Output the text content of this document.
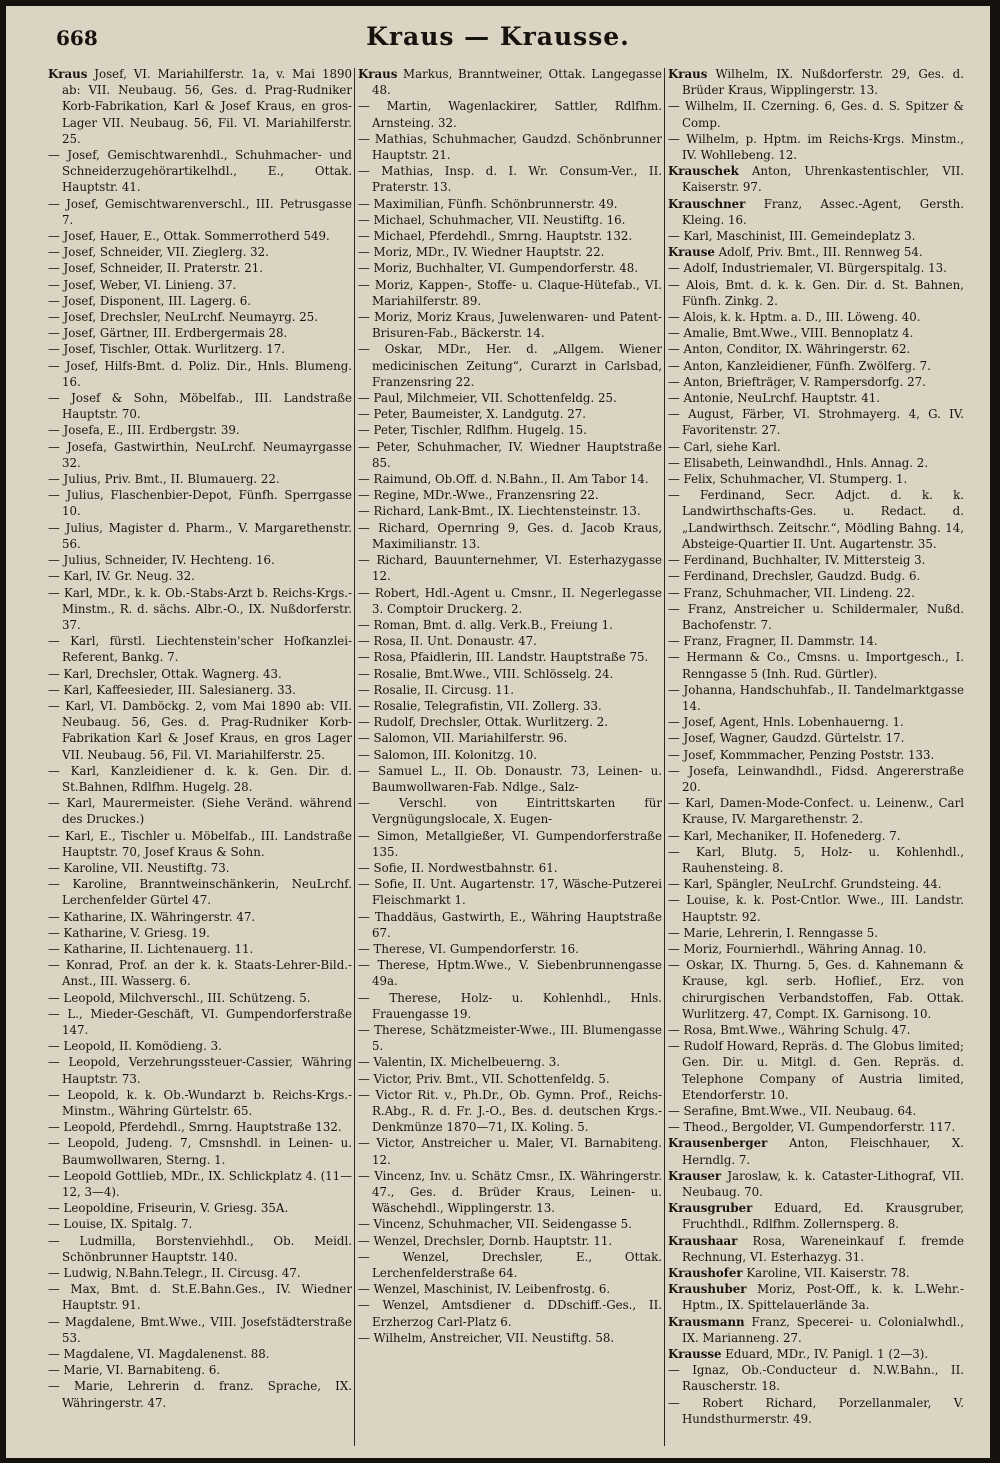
668	Kraus — Krausse.
Kraus Josef, VI. Mariahilferstr. 1a, v. Mai 1890 ab: VII. Neubaug. 56, Ges. d. Prag-Rudniker Korb-Fabrikation, Karl & Josef Kraus, en gros-Lager VII. Neubaug. 56, Fil. VI. Mariahilferstr. 25.
— Josef, Gemischtwarenhdl., Schuhmacher- und Schneiderzugehörartikelhdl., E., Ottak. Hauptstr. 41.
— Josef, Gemischtwarenverschl., III. Petrusgasse 7.
— Josef, Hauer, E., Ottak. Sommerrotherd 549.
— Josef, Schneider, VII. Zieglerg. 32.
— Josef, Schneider, II. Praterstr. 21.
— Josef, Weber, VI. Linieng. 37.
— Josef, Disponent, III. Lagerg. 6.
— Josef, Drechsler, NeuLrchf. Neumayrg. 25.
— Josef, Gärtner, III. Erdbergermais 28.
— Josef, Tischler, Ottak. Wurlitzerg. 17.
— Josef, Hilfs-Bmt. d. Poliz. Dir., Hnls. Blumeng. 16.
— Josef & Sohn, Möbelfab., III. Landstraße Hauptstr. 70.
— Josefa, E., III. Erdbergstr. 39.
— Josefa, Gastwirthin, NeuLrchf. Neumayrgasse 32.
— Julius, Priv. Bmt., II. Blumauerg. 22.
— Julius, Flaschenbier-Depot, Fünfh. Sperrgasse 10.
— Julius, Magister d. Pharm., V. Margarethenstr. 56.
— Julius, Schneider, IV. Hechteng. 16.
— Karl, IV. Gr. Neug. 32.
— Karl, MDr., k. k. Ob.-Stabs-Arzt b. Reichs-Krgs.-Minstm., R. d. sächs. Albr.-O., IX. Nußdorferstr. 37.
— Karl, fürstl. Liechtenstein'scher Hofkanzlei-Referent, Bankg. 7.
— Karl, Drechsler, Ottak. Wagnerg. 43.
— Karl, Kaffeesieder, III. Salesianerg. 33.
— Karl, VI. Damböckg. 2, vom Mai 1890 ab: VII. Neubaug. 56, Ges. d. Prag-Rudniker Korb-Fabrikation Karl & Josef Kraus, en gros Lager VII. Neubaug. 56, Fil. VI. Mariahilferstr. 25.
— Karl, Kanzleidiener d. k. k. Gen. Dir. d. St.Bahnen, Rdlfhm. Hugelg. 28.
— Karl, Maurermeister. (Siehe Veränd. während des Druckes.)
— Karl, E., Tischler u. Möbelfab., III. Landstraße Hauptstr. 70, Josef Kraus & Sohn.
— Karoline, VII. Neustiftg. 73.
— Karoline, Branntweinschänkerin, NeuLrchf. Lerchenfelder Gürtel 47.
— Katharine, IX. Währingerstr. 47.
— Katharine, V. Griesg. 19.
— Katharine, II. Lichtenauerg. 11.
— Konrad, Prof. an der k. k. Staats-Lehrer-Bild.-Anst., III. Wasserg. 6.
— Leopold, Milchverschl., III. Schützeng. 5.
— L., Mieder-Geschäft, VI. Gumpendorferstraße 147.
— Leopold, II. Komödieng. 3.
— Leopold, Verzehrungssteuer-Cassier, Währing Hauptstr. 73.
— Leopold, k. k. Ob.-Wundarzt b. Reichs-Krgs.-Minstm., Währing Gürtelstr. 65.
— Leopold, Pferdehdl., Smrng. Hauptstraße 132.
— Leopold, Judeng. 7, Cmsnshdl. in Leinen- u. Baumwollwaren, Sterng. 1.
— Leopold Gottlieb, MDr., IX. Schlickplatz 4. (11—12, 3—4).
— Leopoldine, Friseurin, V. Griesg. 35A.
— Louise, IX. Spitalg. 7.
— Ludmilla, Borstenviehhdl., Ob. Meidl. Schönbrunner Hauptstr. 140.
— Ludwig, N.Bahn.Telegr., II. Circusg. 47.
— Max, Bmt. d. St.E.Bahn.Ges., IV. Wiedner Hauptstr. 91.
— Magdalene, Bmt.Wwe., VIII. Josefstädterstraße 53.
— Magdalene, VI. Magdalenenst. 88.
— Marie, VI. Barnabiteng. 6.
— Marie, Lehrerin d. franz. Sprache, IX. Währingerstr. 47.
Kraus Markus, Branntweiner, Ottak. Langegasse 48.
— Martin, Wagenlackirer, Sattler, Rdlfhm. Arnsteing. 32.
— Mathias, Schuhmacher, Gaudzd. Schönbrunner Hauptstr. 21.
— Mathias, Insp. d. I. Wr. Consum-Ver., II. Praterstr. 13.
— Maximilian, Fünfh. Schönbrunnerstr. 49.
— Michael, Schuhmacher, VII. Neustiftg. 16.
— Michael, Pferdehdl., Smrng. Hauptstr. 132.
— Moriz, MDr., IV. Wiedner Hauptstr. 22.
— Moriz, Buchhalter, VI. Gumpendorferstr. 48.
— Moriz, Kappen-, Stoffe- u. Claque-Hütefab., VI. Mariahilferstr. 89.
— Moriz, Moriz Kraus, Juwelenwaren- und Patent-Brisuren-Fab., Bäckerstr. 14.
— Oskar, MDr., Her. d. „Allgem. Wiener medicinischen Zeitung“, Curarzt in Carlsbad, Franzensring 22.
— Paul, Milchmeier, VII. Schottenfeldg. 25.
— Peter, Baumeister, X. Landgutg. 27.
— Peter, Tischler, Rdlfhm. Hugelg. 15.
— Peter, Schuhmacher, IV. Wiedner Hauptstraße 85.
— Raimund, Ob.Off. d. N.Bahn., II. Am Tabor 14.
— Regine, MDr.-Wwe., Franzensring 22.
— Richard, Lank-Bmt., IX. Liechtensteinstr. 13.
— Richard, Opernring 9, Ges. d. Jacob Kraus, Maximilianstr. 13.
— Richard, Bauunternehmer, VI. Esterhazygasse 12.
— Robert, Hdl.-Agent u. Cmsnr., II. Negerlegasse 3. Comptoir Druckerg. 2.
— Roman, Bmt. d. allg. Verk.B., Freiung 1.
— Rosa, II. Unt. Donaustr. 47.
— Rosa, Pfaidlerin, III. Landstr. Hauptstraße 75.
— Rosalie, Bmt.Wwe., VIII. Schlösselg. 24.
— Rosalie, II. Circusg. 11.
— Rosalie, Telegrafistin, VII. Zollerg. 33.
— Rudolf, Drechsler, Ottak. Wurlitzerg. 2.
— Salomon, VII. Mariahilferstr. 96.
— Salomon, III. Kolonitzg. 10.
— Samuel L., II. Ob. Donaustr. 73, Leinen- u. Baumwollwaren-Fab. Ndlge., Salz-
— Verschl. von Eintrittskarten für Vergnügungslocale, X. Eugen-
— Simon, Metallgießer, VI. Gumpendorferstraße 135.
— Sofie, II. Nordwestbahnstr. 61.
— Sofie, II. Unt. Augartenstr. 17, Wäsche-Putzerei Fleischmarkt 1.
— Thaddäus, Gastwirth, E., Währing Hauptstraße 67.
— Therese, VI. Gumpendorferstr. 16.
— Therese, Hptm.Wwe., V. Siebenbrunnengasse 49a.
— Therese, Holz- u. Kohlenhdl., Hnls. Frauengasse 19.
— Therese, Schätzmeister-Wwe., III. Blumengasse 5.
— Valentin, IX. Michelbeuerng. 3.
— Victor, Priv. Bmt., VII. Schottenfeldg. 5.
— Victor Rit. v., Ph.Dr., Ob. Gymn. Prof., Reichs-R.Abg., R. d. Fr. J.-O., Bes. d. deutschen Krgs.-Denkmünze 1870—71, IX. Koling. 5.
— Victor, Anstreicher u. Maler, VI. Barnabiteng. 12.
— Vincenz, Inv. u. Schätz Cmsr., IX. Währingerstr. 47., Ges. d. Brüder Kraus, Leinen- u. Wäschehdl., Wipplingerstr. 13.
— Vincenz, Schuhmacher, VII. Seidengasse 5.
— Wenzel, Drechsler, Dornb. Hauptstr. 11.
— Wenzel, Drechsler, E., Ottak. Lerchenfelderstraße 64.
— Wenzel, Maschinist, IV. Leibenfrostg. 6.
— Wenzel, Amtsdiener d. DDschiff.-Ges., II. Erzherzog Carl-Platz 6.
— Wilhelm, Anstreicher, VII. Neustiftg. 58.
Kraus Wilhelm, IX. Nußdorferstr. 29, Ges. d. Brüder Kraus, Wipplingerstr. 13.
— Wilhelm, II. Czerning. 6, Ges. d. S. Spitzer & Comp.
— Wilhelm, p. Hptm. im Reichs-Krgs. Minstm., IV. Wohllebeng. 12.
Krauschek Anton, Uhrenkastentischler, VII. Kaiserstr. 97.
Krauschner Franz, Assec.-Agent, Gersth. Kleing. 16.
— Karl, Maschinist, III. Gemeindeplatz 3.
Krause Adolf, Priv. Bmt., III. Rennweg 54.
— Adolf, Industriemaler, VI. Bürgerspitalg. 13.
— Alois, Bmt. d. k. k. Gen. Dir. d. St. Bahnen, Fünfh. Zinkg. 2.
— Alois, k. k. Hptm. a. D., III. Löweng. 40.
— Amalie, Bmt.Wwe., VIII. Bennoplatz 4.
— Anton, Conditor, IX. Währingerstr. 62.
— Anton, Kanzleidiener, Fünfh. Zwölferg. 7.
— Anton, Briefträger, V. Rampersdorfg. 27.
— Antonie, NeuLrchf. Hauptstr. 41.
— August, Färber, VI. Strohmayerg. 4, G. IV. Favoritenstr. 27.
— Carl, siehe Karl.
— Elisabeth, Leinwandhdl., Hnls. Annag. 2.
— Felix, Schuhmacher, VI. Stumperg. 1.
— Ferdinand, Secr. Adjct. d. k. k. Landwirthschafts-Ges. u. Redact. d. „Landwirthsch. Zeitschr.“, Mödling Bahng. 14, Absteige-Quartier II. Unt. Augartenstr. 35.
— Ferdinand, Buchhalter, IV. Mittersteig 3.
— Ferdinand, Drechsler, Gaudzd. Budg. 6.
— Franz, Schuhmacher, VII. Lindeng. 22.
— Franz, Anstreicher u. Schildermaler, Nußd. Bachofenstr. 7.
— Franz, Fragner, II. Dammstr. 14.
— Hermann & Co., Cmsns. u. Importgesch., I. Renngasse 5 (Inh. Rud. Gürtler).
— Johanna, Handschuhfab., II. Tandelmarktgasse 14.
— Josef, Agent, Hnls. Lobenhauerng. 1.
— Josef, Wagner, Gaudzd. Gürtelstr. 17.
— Josef, Kommmacher, Penzing Poststr. 133.
— Josefa, Leinwandhdl., Fidsd. Angererstraße 20.
— Karl, Damen-Mode-Confect. u. Leinenw., Carl Krause, IV. Margarethenstr. 2.
— Karl, Mechaniker, II. Hofenederg. 7.
— Karl, Blutg. 5, Holz- u. Kohlenhdl., Rauhensteing. 8.
— Karl, Spängler, NeuLrchf. Grundsteing. 44.
— Louise, k. k. Post-Cntlor. Wwe., III. Landstr. Hauptstr. 92.
— Marie, Lehrerin, I. Renngasse 5.
— Moriz, Fournierhdl., Währing Annag. 10.
— Oskar, IX. Thurng. 5, Ges. d. Kahnemann & Krause, kgl. serb. Hoflief., Erz. von chirurgischen Verbandstoffen, Fab. Ottak. Wurlitzerg. 47, Compt. IX. Garnisong. 10.
— Rosa, Bmt.Wwe., Währing Schulg. 47.
— Rudolf Howard, Repräs. d. The Globus limited; Gen. Dir. u. Mitgl. d. Gen. Repräs. d. Telephone Company of Austria limited, Etendorferstr. 10.
— Serafine, Bmt.Wwe., VII. Neubaug. 64.
— Theod., Bergolder, VI. Gumpendorferstr. 117.
Krausenberger Anton, Fleischhauer, X. Herndlg. 7.
Krauser Jaroslaw, k. k. Cataster-Lithograf, VII. Neubaug. 70.
Krausgruber Eduard, Ed. Krausgruber, Fruchthdl., Rdlfhm. Zollernsperg. 8.
Kraushaar Rosa, Wareneinkauf f. fremde Rechnung, VI. Esterhazyg. 31.
Kraushofer Karoline, VII. Kaiserstr. 78.
Kraushuber Moriz, Post-Off., k. k. L.Wehr.-Hptm., IX. Spittelauerlände 3a.
Krausmann Franz, Specerei- u. Colonialwhdl., IX. Marianneng. 27.
Krausse Eduard, MDr., IV. Panigl. 1 (2—3).
— Ignaz, Ob.-Conducteur d. N.W.Bahn., II. Rauscherstr. 18.
— Robert Richard, Porzellanmaler, V. Hundsthurmerstr. 49.
